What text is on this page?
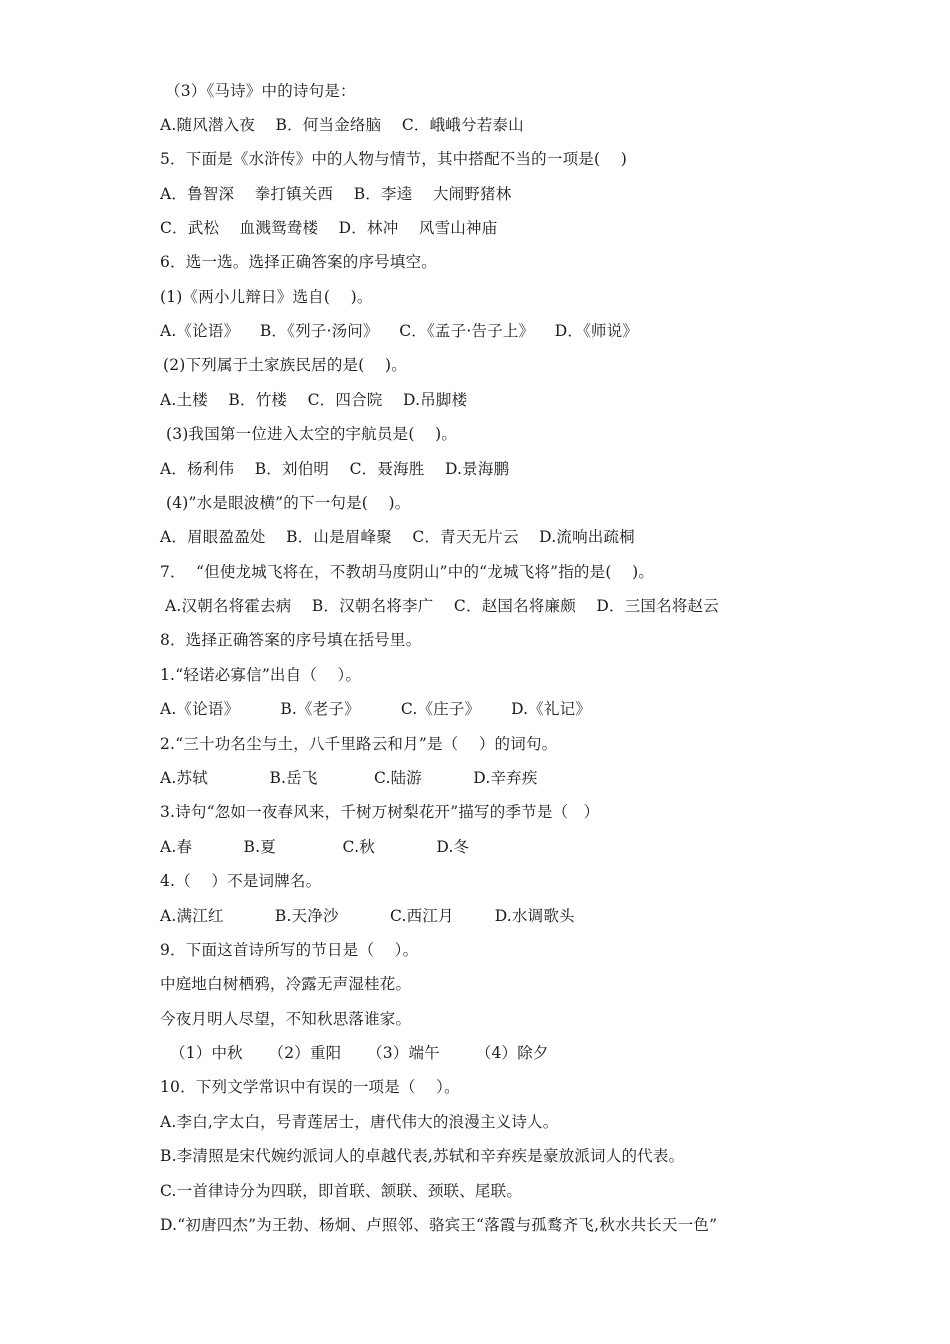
（3）《马诗》中的诗句是：
A.随风潜入夜    B．何当金络脑    C．峨峨兮若泰山
5．下面是《水浒传》中的人物与情节，其中搭配不当的一项是(    )
A．鲁智深    拳打镇关西    B．李逵    大闹野猪林
C．武松    血溅鸳鸯楼    D．林冲    风雪山神庙
6．选一选。选择正确答案的序号填空。
(1)《两小儿辩日》选自(    )。
A.《论语》    B．《列子·汤问》    C．《孟子·告子上》    D．《师说》
(2)下列属于土家族民居的是(    )。
A.土楼    B．竹楼    C．四合院    D.吊脚楼
(3)我国第一位进入太空的宇航员是(    )。
A．杨利伟    B．刘伯明    C．聂海胜    D.景海鹏
(4)”水是眼波横”的下一句是(    )。
A．眉眼盈盈处    B．山是眉峰聚    C．青天无片云    D.流响出疏桐
7．  “但使龙城飞将在，不教胡马度阴山”中的“龙城飞将”指的是(    )。
A.汉朝名将霍去病    B．汉朝名将李广    C．赵国名将廉颇    D．三国名将赵云
8．选择正确答案的序号填在括号里。
1.“轻诺必寡信”出自（    ）。
A.《论语》        B.《老子》        C.《庄子》      D.《礼记》
2.“三十功名尘与土，八千里路云和月”是（    ）的词句。
A.苏轼            B.岳飞           C.陆游          D.辛弃疾
3.诗句“忽如一夜春风来，千树万树梨花开”描写的季节是（   ）
A.春          B.夏             C.秋            D.冬
4.（    ）不是词牌名。
A.满江红          B.天净沙          C.西江月        D.水调歌头
9．下面这首诗所写的节日是（    ）。
中庭地白树栖鸦，冷露无声湿桂花。
今夜月明人尽望，不知秋思落谁家。
（1）中秋     （2）重阳     （3）端午       （4）除夕
10．下列文学常识中有误的一项是（    ）。
A.李白,字太白，号青莲居士，唐代伟大的浪漫主义诗人。
B.李清照是宋代婉约派词人的卓越代表,苏轼和辛弃疾是豪放派词人的代表。
C.一首律诗分为四联，即首联、颔联、颈联、尾联。
D.“初唐四杰”为王勃、杨炯、卢照邻、骆宾王“落霞与孤鹜齐飞,秋水共长天一色”
